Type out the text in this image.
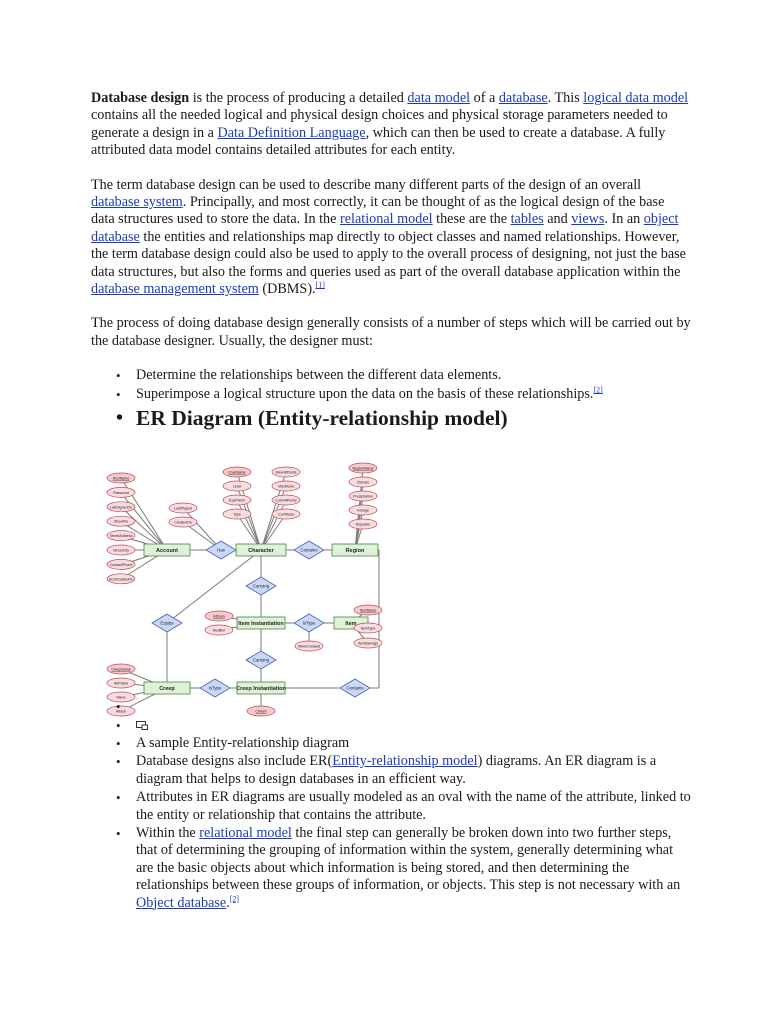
Database design is the process of producing a detailed data model of a database. This logical data model contains all the needed logical and physical design choices and physical storage parameters needed to generate a design in a Data Definition Language, which can then be used to create a database. A fully attributed data model contains detailed attributes for each entity.

The term database design can be used to describe many different parts of the design of an overall database system. Principally, and most correctly, it can be thought of as the logical design of the base data structures used to store the data. In the relational model these are the tables and views. In an object database the entities and relationships map directly to object classes and named relationships. However, the term database design could also be used to apply to the overall process of designing, not just the base data structures, but also the forms and queries used as part of the overall database application within the database management system (DBMS).[1]

The process of doing database design generally consists of a number of steps which will be carried out by the database designer. Usually, the designer must:

• Determine the relationships between the different data elements.
• Superimpose a logical structure upon the data on the basis of these relationships.[2]
• ER Diagram (Entity-relationship model)
Account	Character	Region
Item Instantiation	Item
Creep	Creep Instantiation
Has	Contains
Carrying
Equips	IsType
Carrying
IsType	Contains
AcctName
Password
LastSignedOn
StreetNo
StreetAddress
StreetCity
ContactPhone
AcctCreatedOn
CharName
Level
ExpPoints
Type
MaxHitPoints
MaxMana
CurrHitPoints
CurrMana
RegionName
Climate
Precipitation
Foliage
Repeater
LastPlayed
CreatedOn
IIdNum
Modifier
ItemName
ItemType
ItemDamage
WhenCreated
CreepName
HitPoints
Mana
Attack	CINum
•
•
• A sample Entity-relationship diagram
• Database designs also include ER(Entity-relationship model) diagrams. An ER diagram is a diagram that helps to design databases in an efficient way.
• Attributes in ER diagrams are usually modeled as an oval with the name of the attribute, linked to the entity or relationship that contains the attribute.
• Within the relational model the final step can generally be broken down into two further steps, that of determining the grouping of information within the system, generally determining what are the basic objects about which information is being stored, and then determining the relationships between these groups of information, or objects. This step is not necessary with an Object database.[2]
